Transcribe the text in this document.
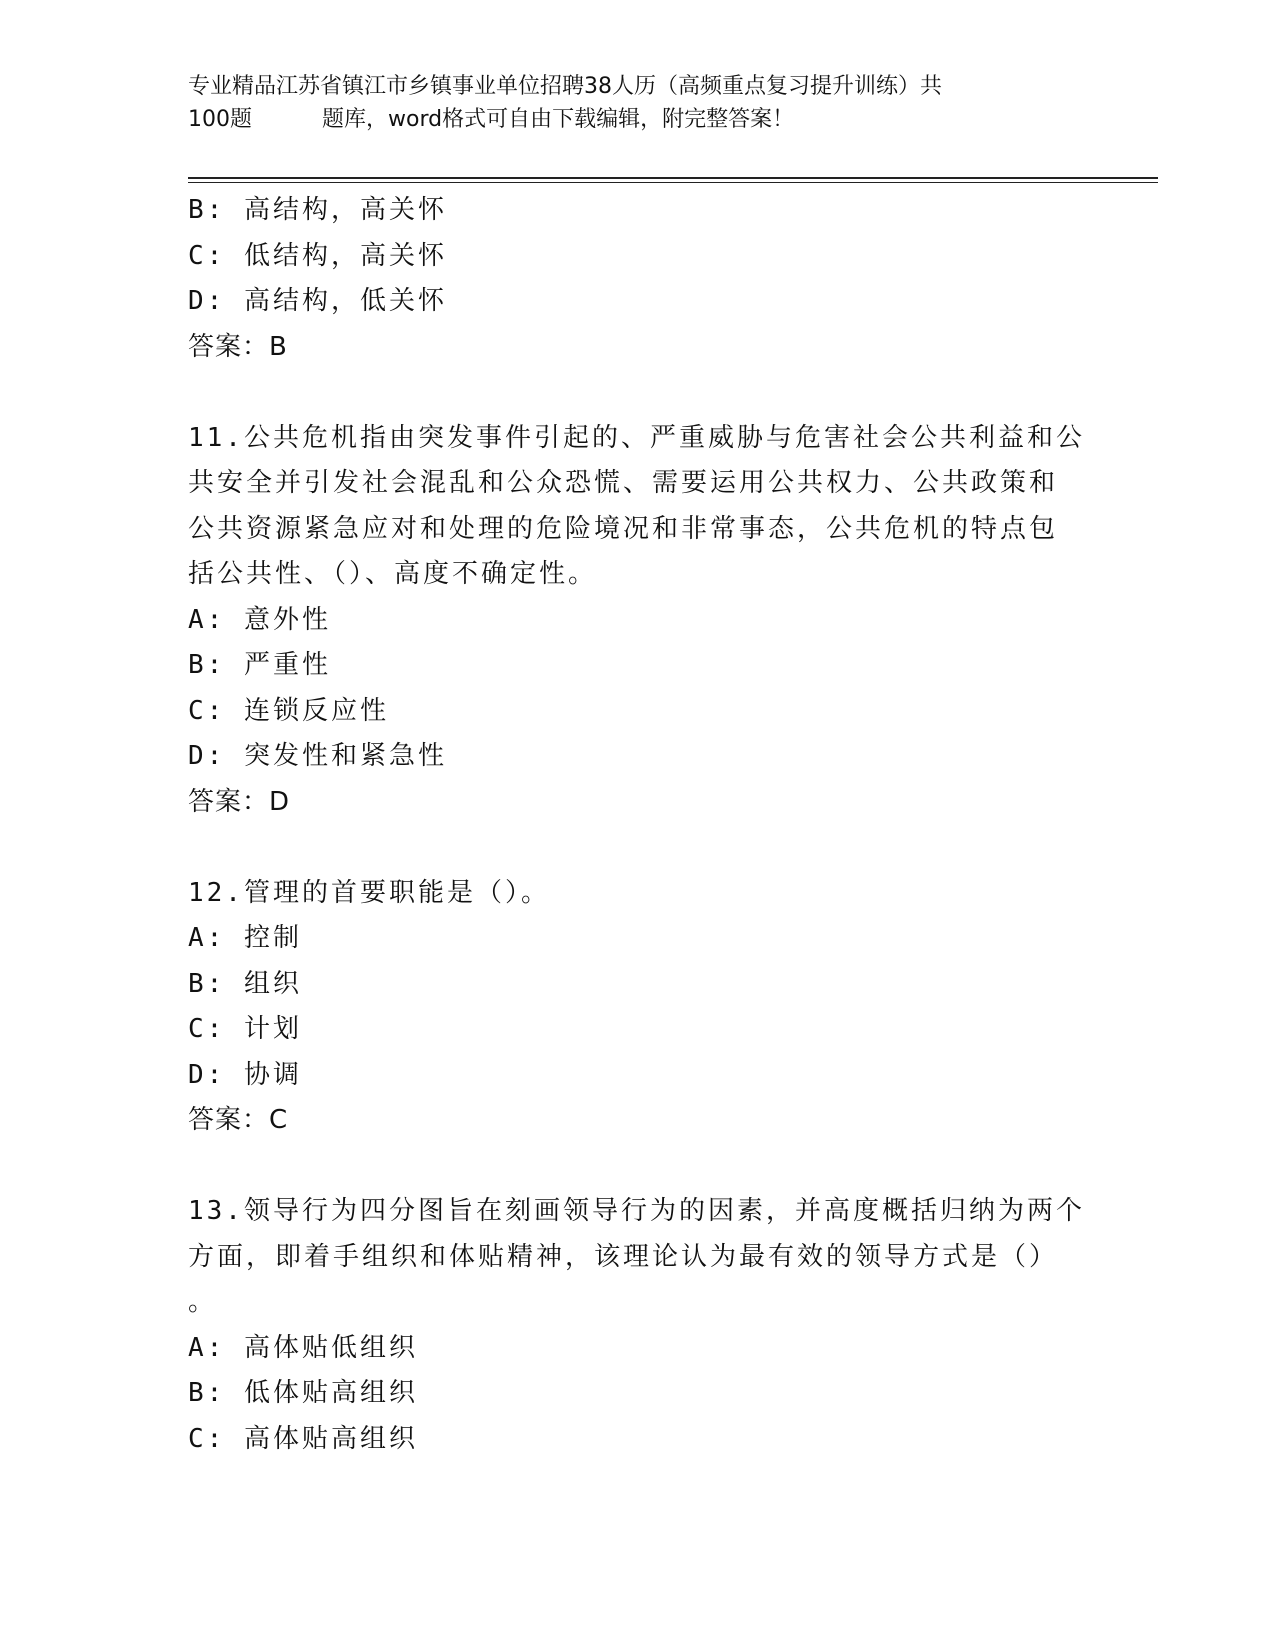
专业精品江苏省镇江市乡镇事业单位招聘38人历（高频重点复习提升训练）共
100题	题库，word格式可自由下载编辑，附完整答案！
B: 高结构，高关怀
C: 低结构，高关怀
D: 高结构，低关怀
答案：B
11.公共危机指由突发事件引起的、严重威胁与危害社会公共利益和公
共安全并引发社会混乱和公众恐慌、需要运用公共权力、公共政策和
公共资源紧急应对和处理的危险境况和非常事态，公共危机的特点包
括公共性、（）、高度不确定性。
A: 意外性
B: 严重性
C: 连锁反应性
D: 突发性和紧急性
答案：D
12.管理的首要职能是（）。
A: 控制
B: 组织
C: 计划
D: 协调
答案：C
13.领导行为四分图旨在刻画领导行为的因素，并高度概括归纳为两个
方面，即着手组织和体贴精神，该理论认为最有效的领导方式是（）
。
A: 高体贴低组织
B: 低体贴高组织
C: 高体贴高组织
